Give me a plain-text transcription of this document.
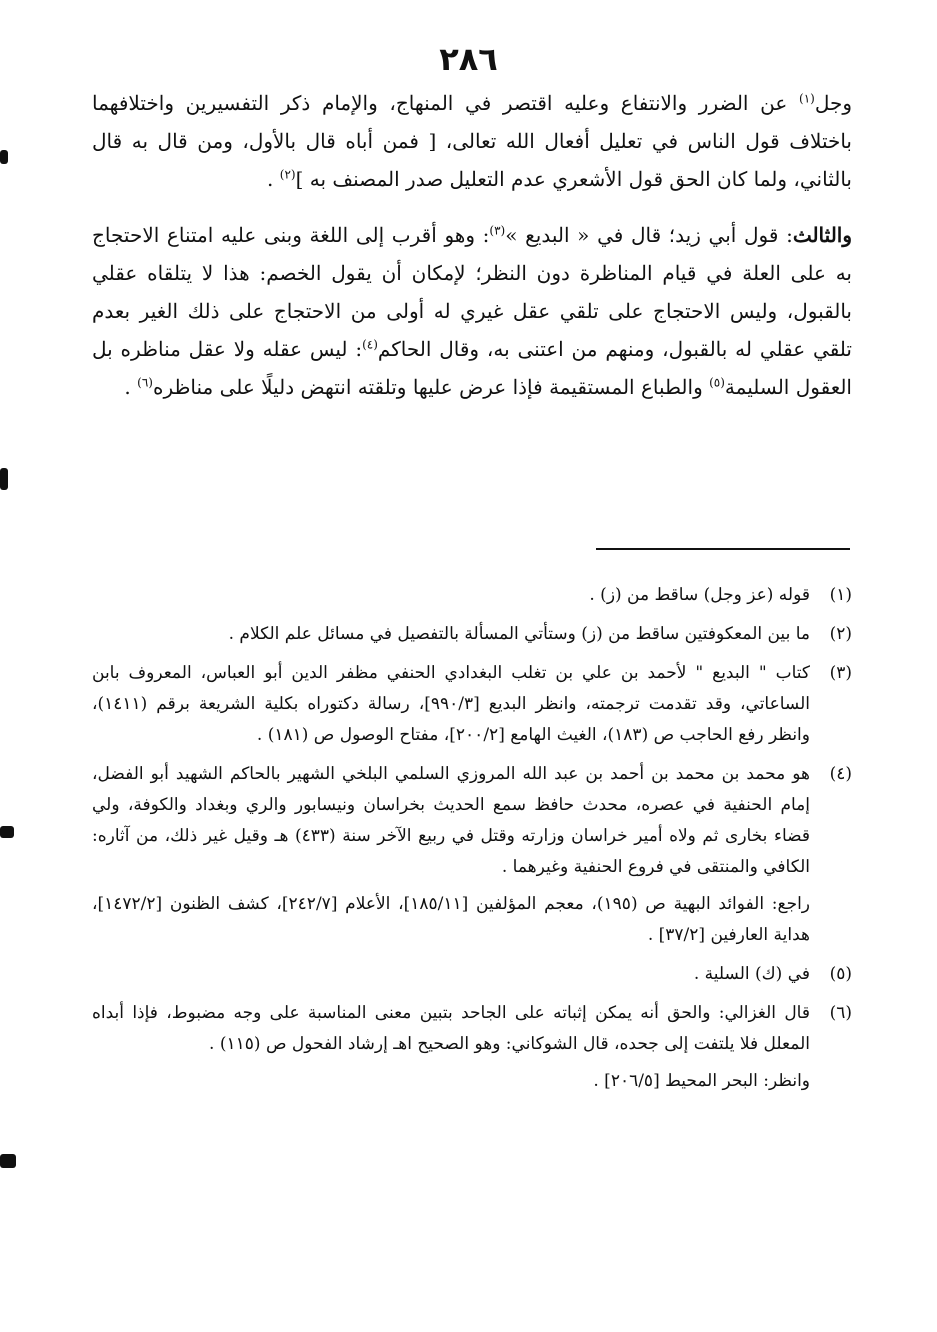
٢٨٦

وجل$^{(١)}$ عن الضرر والانتفاع وعليه اقتصر في المنهاج، والإمام ذكر التفسيرين واختلافهما باختلاف قول الناس في تعليل أفعال الله تعالى، [ فمن أباه قال بالأول، ومن قال به قال بالثاني، ولما كان الحق قول الأشعري عدم التعليل صدر المصنف به ]$^{(٢)}$ .

والثالث: قول أبي زيد؛ قال في « البديع »$^{(٣)}$: وهو أقرب إلى اللغة وبنى عليه امتناع الاحتجاج به على العلة في قيام المناظرة دون النظر؛ لإمكان أن يقول الخصم: هذا لا يتلقاه عقلي بالقبول، وليس الاحتجاج على تلقي عقل غيري له أولى من الاحتجاج على ذلك الغير بعدم تلقي عقلي له بالقبول، ومنهم من اعتنى به، وقال الحاكم$^{(٤)}$: ليس عقله ولا عقل مناظره بل العقول السليمة$^{(٥)}$ والطباع المستقيمة فإذا عرض عليها وتلقته انتهض دليلًا على مناظره$^{(٦)}$ .

(١)

قوله (عز وجل) ساقط من (ز) .

(٢)

ما بين المعكوفتين ساقط من (ز) وستأتي المسألة بالتفصيل في مسائل علم الكلام .

(٣)

كتاب " البديع " لأحمد بن علي بن تغلب البغدادي الحنفي مظفر الدين أبو العباس، المعروف بابن الساعاتي، وقد تقدمت ترجمته، وانظر البديع [٩٩٠/٣]، رسالة دكتوراه بكلية الشريعة برقم (١٤١١)، وانظر رفع الحاجب ص (١٨٣)، الغيث الهامع [٢٠٠/٢]، مفتاح الوصول ص (١٨١) .

(٤)

هو محمد بن محمد بن أحمد بن عبد الله المروزي السلمي البلخي الشهير بالحاكم الشهيد أبو الفضل، إمام الحنفية في عصره، محدث حافظ سمع الحديث بخراسان ونيسابور والري وبغداد والكوفة، ولي قضاء بخارى ثم ولاه أمير خراسان وزارته وقتل في ربيع الآخر سنة (٤٣٣) هـ وقيل غير ذلك، من آثاره: الكافي والمنتقى في فروع الحنفية وغيرهما .

راجع: الفوائد البهية ص (١٩٥)، معجم المؤلفين [١٨٥/١١]، الأعلام [٢٤٢/٧]، كشف الظنون [١٤٧٢/٢]، هداية العارفين [٣٧/٢] .

(٥)

في (ك) السلية .

(٦)

قال الغزالي: والحق أنه يمكن إثباته على الجاحد بتبين معنى المناسبة على وجه مضبوط، فإذا أبداه المعلل فلا يلتفت إلى جحده، قال الشوكاني: وهو الصحيح اهـ إرشاد الفحول ص (١١٥) .

وانظر: البحر المحيط [٢٠٦/٥] .
